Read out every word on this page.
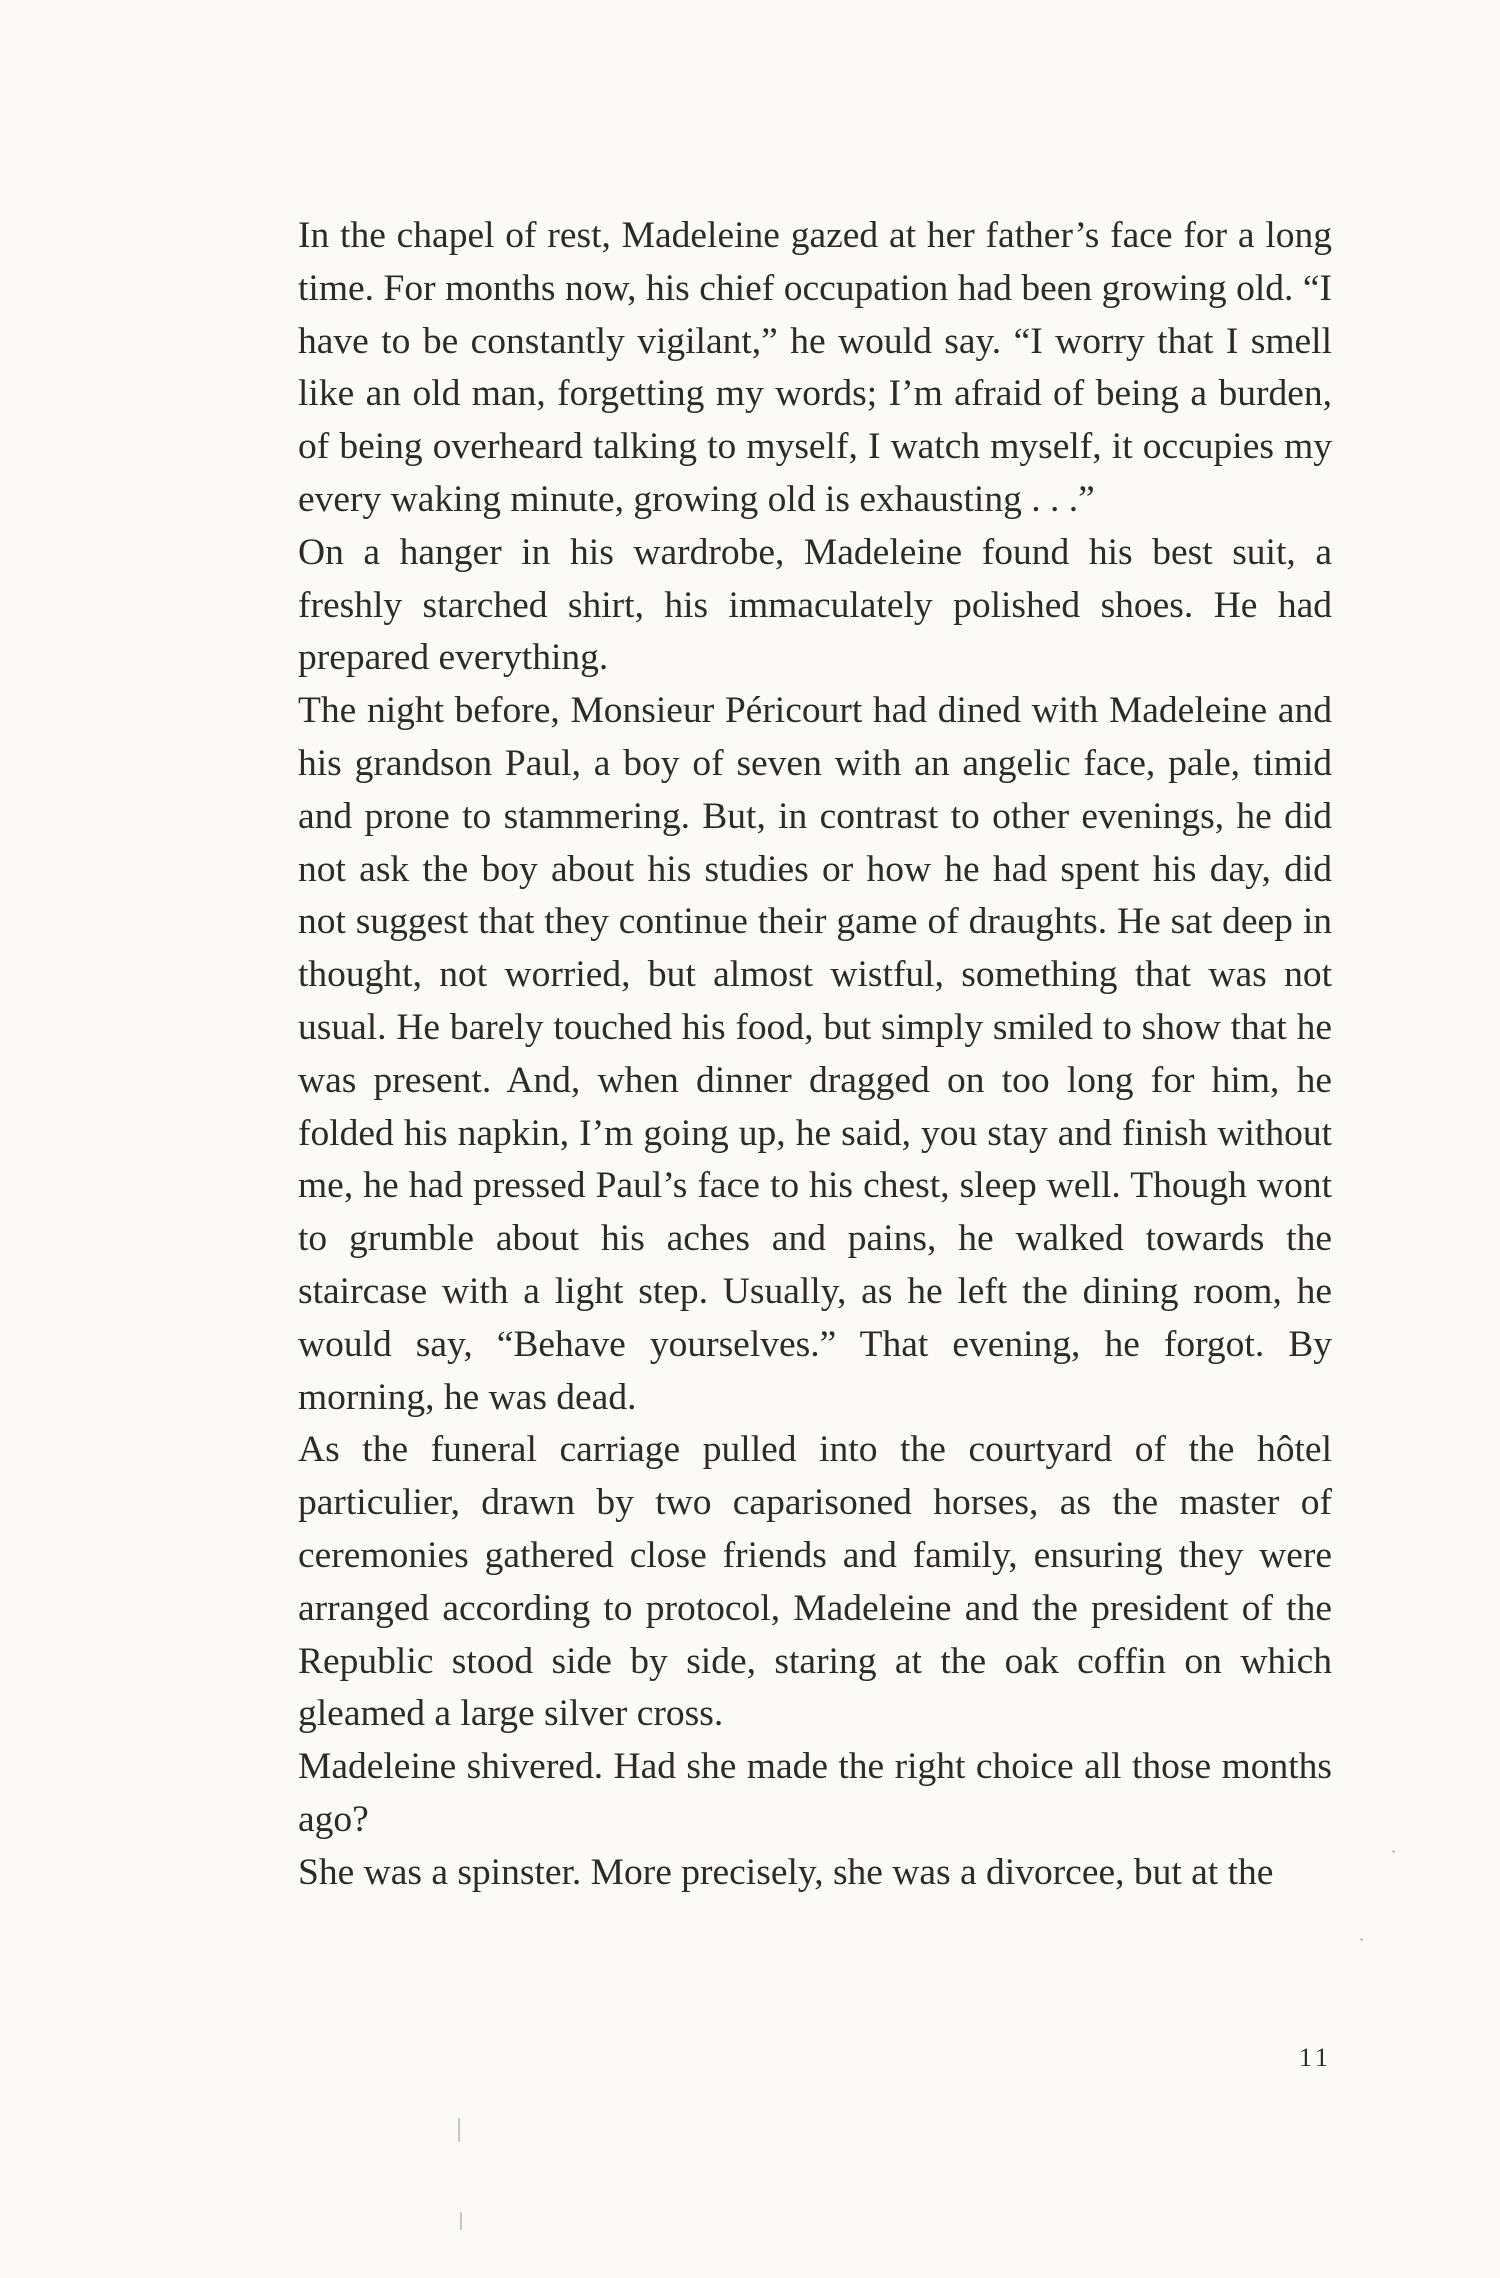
In the chapel of rest, Madeleine gazed at her father’s face for a long time. For months now, his chief occupation had been growing old. “I have to be constantly vigilant,” he would say. “I worry that I smell like an old man, forgetting my words; I’m afraid of being a burden, of being overheard talking to myself, I watch myself, it occupies my every waking minute, growing old is exhausting . . .”

On a hanger in his wardrobe, Madeleine found his best suit, a freshly starched shirt, his immaculately polished shoes. He had prepared everything.

The night before, Monsieur Péricourt had dined with Madeleine and his grandson Paul, a boy of seven with an angelic face, pale, timid and prone to stammering. But, in contrast to other evenings, he did not ask the boy about his studies or how he had spent his day, did not suggest that they continue their game of draughts. He sat deep in thought, not worried, but almost wistful, something that was not usual. He barely touched his food, but simply smiled to show that he was present. And, when dinner dragged on too long for him, he folded his napkin, I’m going up, he said, you stay and finish without me, he had pressed Paul’s face to his chest, sleep well. Though wont to grumble about his aches and pains, he walked towards the staircase with a light step. Usually, as he left the dining room, he would say, “Behave yourselves.” That evening, he forgot. By morning, he was dead.

As the funeral carriage pulled into the courtyard of the hôtel particulier, drawn by two caparisoned horses, as the master of ceremonies gathered close friends and family, ensuring they were arranged according to protocol, Madeleine and the president of the Republic stood side by side, staring at the oak coffin on which gleamed a large silver cross.

Madeleine shivered. Had she made the right choice all those months ago?

She was a spinster. More precisely, she was a divorcee, but at the

11
